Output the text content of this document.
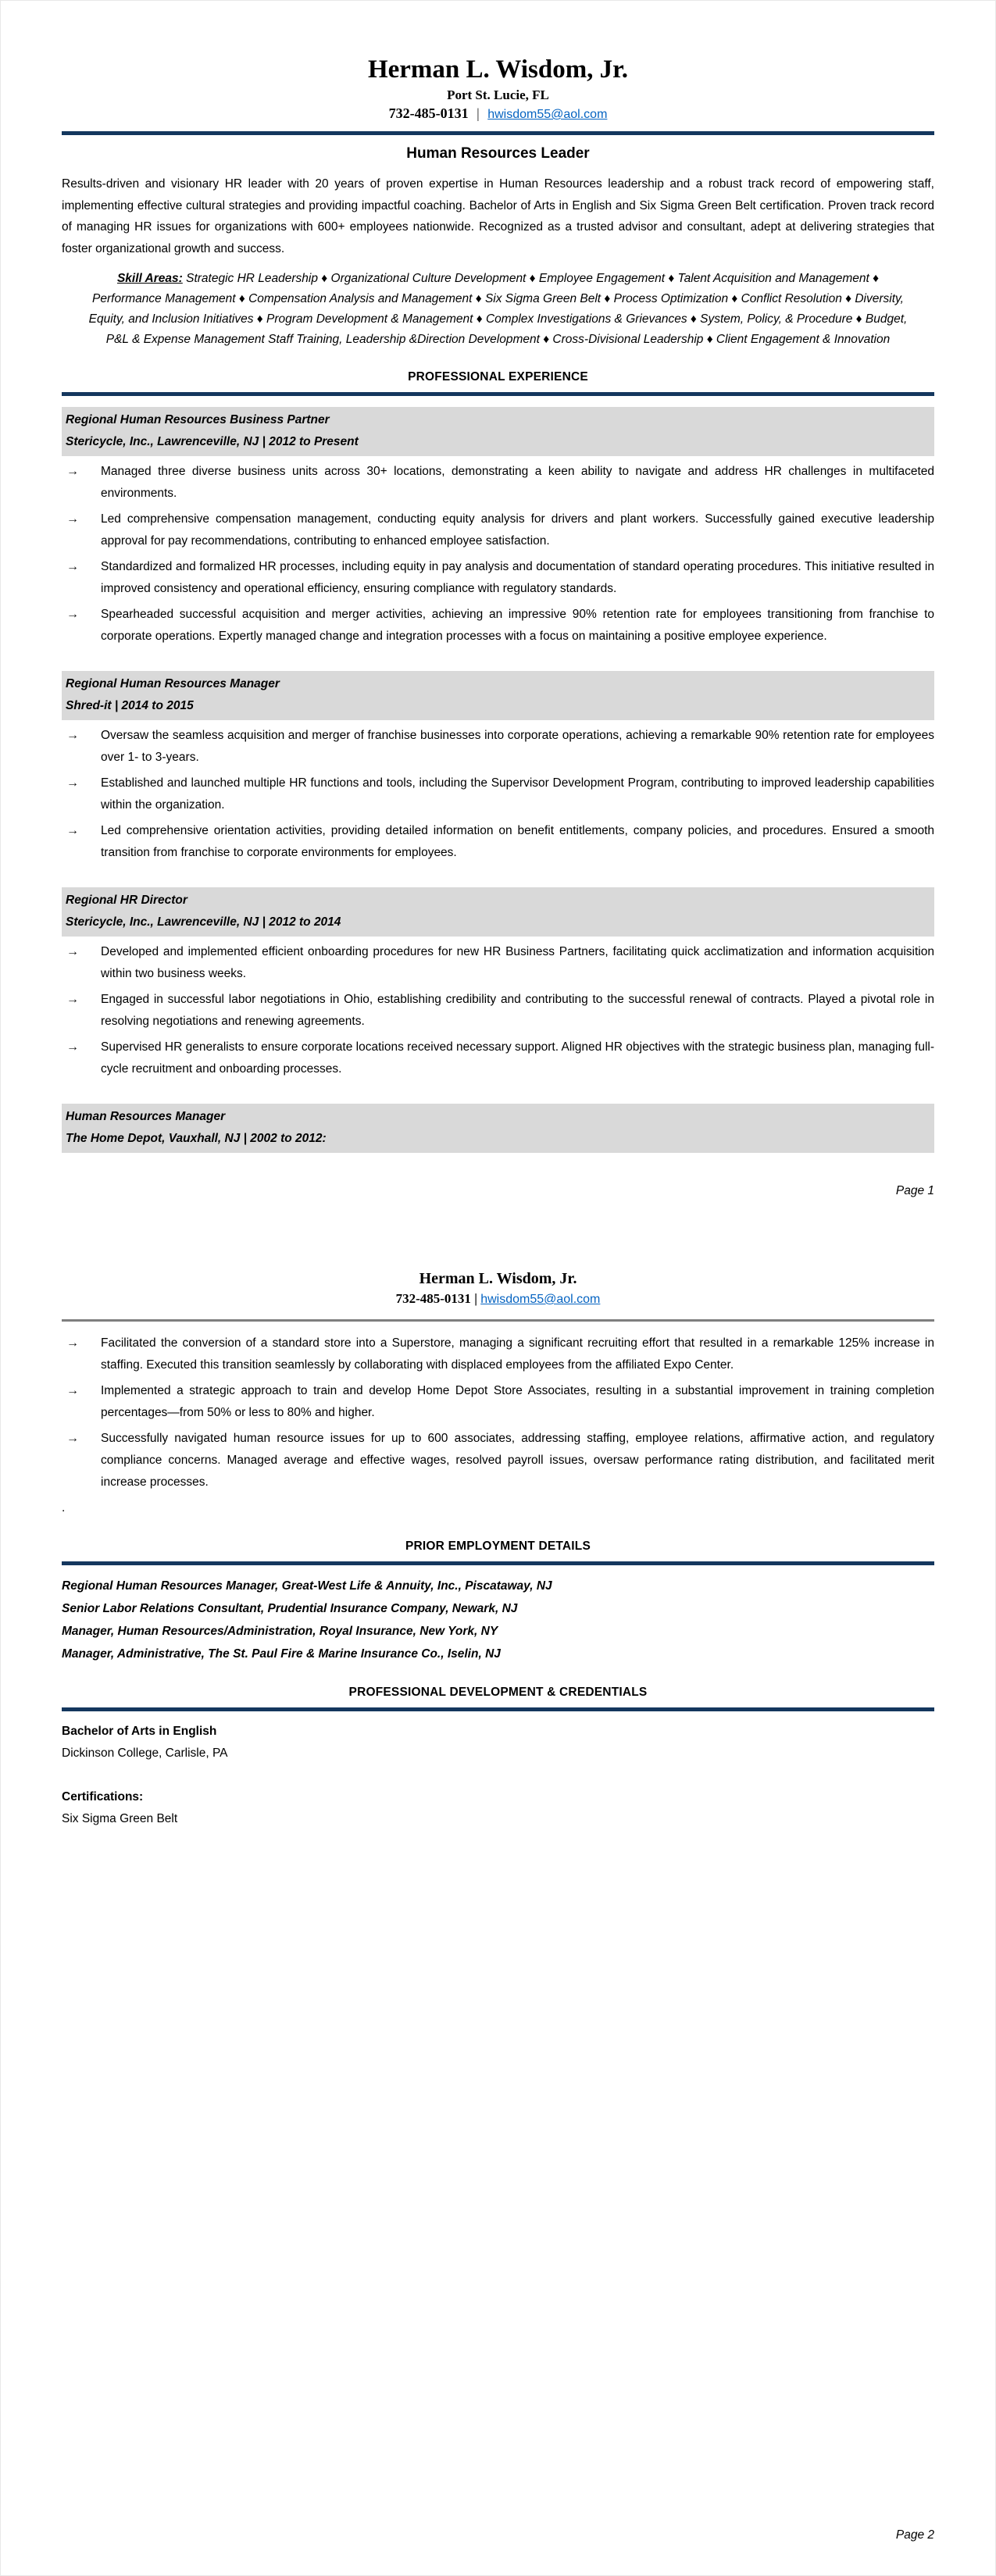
Herman L. Wisdom, Jr.
Port St. Lucie, FL
732-485-0131 | hwisdom55@aol.com
Human Resources Leader

Results-driven and visionary HR leader with 20 years of proven expertise in Human Resources leadership and a robust track record of empowering staff, implementing effective cultural strategies and providing impactful coaching. Bachelor of Arts in English and Six Sigma Green Belt certification. Proven track record of managing HR issues for organizations with 600+ employees nationwide. Recognized as a trusted advisor and consultant, adept at delivering strategies that foster organizational growth and success.

Skill Areas: Strategic HR Leadership ♦ Organizational Culture Development ♦ Employee Engagement ♦ Talent Acquisition and Management ♦ Performance Management ♦ Compensation Analysis and Management ♦ Six Sigma Green Belt ♦ Process Optimization ♦ Conflict Resolution ♦ Diversity, Equity, and Inclusion Initiatives ♦ Program Development & Management ♦ Complex Investigations & Grievances ♦ System, Policy, & Procedure ♦ Budget, P&L & Expense Management Staff Training, Leadership &Direction Development ♦ Cross-Divisional Leadership ♦ Client Engagement & Innovation

PROFESSIONAL EXPERIENCE
Regional Human Resources Business Partner
Stericycle, Inc., Lawrenceville, NJ | 2012 to Present
→	Managed three diverse business units across 30+ locations, demonstrating a keen ability to navigate and address HR challenges in multifaceted environments.
→	Led comprehensive compensation management, conducting equity analysis for drivers and plant workers. Successfully gained executive leadership approval for pay recommendations, contributing to enhanced employee satisfaction.
→	Standardized and formalized HR processes, including equity in pay analysis and documentation of standard operating procedures. This initiative resulted in improved consistency and operational efficiency, ensuring compliance with regulatory standards.
→	Spearheaded successful acquisition and merger activities, achieving an impressive 90% retention rate for employees transitioning from franchise to corporate operations. Expertly managed change and integration processes with a focus on maintaining a positive employee experience.
Regional Human Resources Manager
Shred-it | 2014 to 2015
→	Oversaw the seamless acquisition and merger of franchise businesses into corporate operations, achieving a remarkable 90% retention rate for employees over 1- to 3-years.
→	Established and launched multiple HR functions and tools, including the Supervisor Development Program, contributing to improved leadership capabilities within the organization.
→	Led comprehensive orientation activities, providing detailed information on benefit entitlements, company policies, and procedures. Ensured a smooth transition from franchise to corporate environments for employees.
Regional HR Director
Stericycle, Inc., Lawrenceville, NJ | 2012 to 2014
→	Developed and implemented efficient onboarding procedures for new HR Business Partners, facilitating quick acclimatization and information acquisition within two business weeks.
→	Engaged in successful labor negotiations in Ohio, establishing credibility and contributing to the successful renewal of contracts. Played a pivotal role in resolving negotiations and renewing agreements.
→	Supervised HR generalists to ensure corporate locations received necessary support. Aligned HR objectives with the strategic business plan, managing full-cycle recruitment and onboarding processes.
Human Resources Manager
The Home Depot, Vauxhall, NJ | 2002 to 2012:
Page 1
Herman L. Wisdom, Jr.
732-485-0131 | hwisdom55@aol.com
→	Facilitated the conversion of a standard store into a Superstore, managing a significant recruiting effort that resulted in a remarkable 125% increase in staffing. Executed this transition seamlessly by collaborating with displaced employees from the affiliated Expo Center.
→	Implemented a strategic approach to train and develop Home Depot Store Associates, resulting in a substantial improvement in training completion percentages—from 50% or less to 80% and higher.
→	Successfully navigated human resource issues for up to 600 associates, addressing staffing, employee relations, affirmative action, and regulatory compliance concerns. Managed average and effective wages, resolved payroll issues, oversaw performance rating distribution, and facilitated merit increase processes.
.
PRIOR EMPLOYMENT DETAILS
Regional Human Resources Manager, Great-West Life & Annuity, Inc., Piscataway, NJ
Senior Labor Relations Consultant, Prudential Insurance Company, Newark, NJ
Manager, Human Resources/Administration, Royal Insurance, New York, NY
Manager, Administrative, The St. Paul Fire & Marine Insurance Co., Iselin, NJ
PROFESSIONAL DEVELOPMENT & CREDENTIALS
Bachelor of Arts in English
Dickinson College, Carlisle, PA
Certifications:
Six Sigma Green Belt
Page 2
